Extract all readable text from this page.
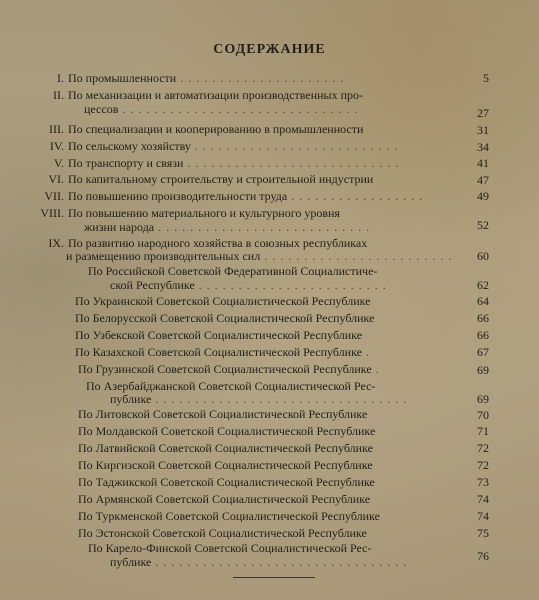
СОДЕРЖАНИЕ
I. По промышленности . . . . . . . . . . . . . . . . . . . . .	5
II. По механизации и автоматизации производственных про-
цессов . . . . . . . . . . . . . . . . . . . . . . . . . . . . . .	27
III. По специализации и кооперированию в промышленности	31
IV. По сельскому хозяйству . . . . . . . . . . . . . . . . . . . . . . . . . .	34
V. По транспорту и связи . . . . . . . . . . . . . . . . . . . . . . . . . . .	41
VI. По капитальному строительству и строительной индустрии	47
VII. По повышению производительности труда . . . . . . . . . . . . . . . . .	49
VIII. По повышению материального и культурного уровня
жизни народа . . . . . . . . . . . . . . . . . . . . . . . . . . .	52
IX. По развитию народного хозяйства в союзных республиках
и размещению производительных сил . . . . . . . . . . . . . . . . . . . . . . . .	60
По Российской Советской Федеративной Социалистиче-
ской Республике . . . . . . . . . . . . . . . . . . . . . . . .	62
По Украинской Советской Социалистической Республике	64
По Белорусской Советской Социалистической Республике	66
По Узбекской Советской Социалистической Республике	66
По Казахской Советской Социалистической Республике .	67
По Грузинской Советской Социалистической Республике .	69
По Азербайджанской Советской Социалистической Рес-
публике . . . . . . . . . . . . . . . . . . . . . . . . . . . . . . . .	69
По Литовской Советской Социалистической Республике	70
По Молдавской Советской Социалистической Республике	71
По Латвийской Советской Социалистической Республике	72
По Киргизской Советской Социалистической Республике	72
По Таджикской Советской Социалистической Республике	73
По Армянской Советской Социалистической Республике	74
По Туркменской Советской Социалистической Республике	74
По Эстонской Советской Социалистической Республике	75
По Карело-Финской Советской Социалистической Рес-
публике . . . . . . . . . . . . . . . . . . . . . . . . . . . . . . . .	76
